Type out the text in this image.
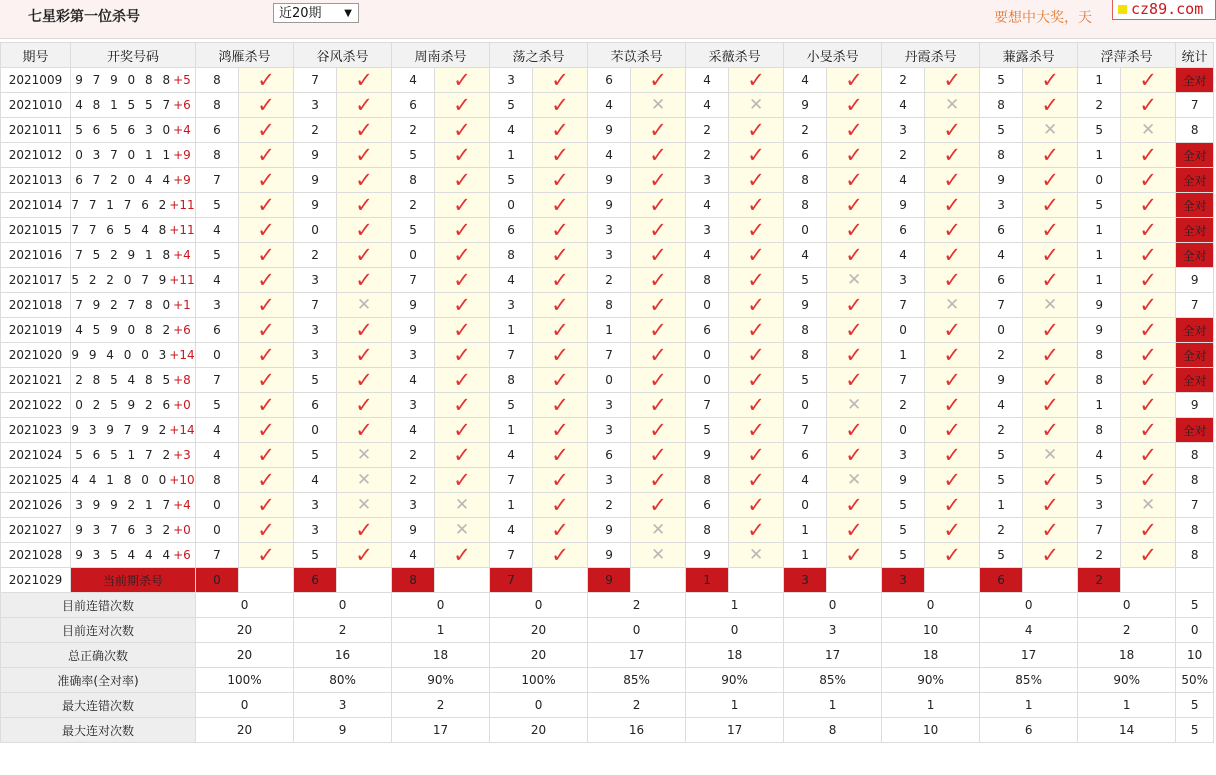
七星彩第一位杀号	近20期 ▼	要想中大奖，天	cz89.com
期号	开奖号码	鸿雁杀号		谷风杀号		周南杀号		荡之杀号		芣苡杀号		采薇杀号		小旻杀号		丹霞杀号		蒹露杀号		浮萍杀号		统计
2021009	9 7 9 0 8 8+5	8	✓	7	✓	4	✓	3	✓	6	✓	4	✓	4	✓	2	✓	5	✓	1	✓	全对
2021010	4 8 1 5 5 7+6	8	✓	3	✓	6	✓	5	✓	4	✕	4	✕	9	✓	4	✕	8	✓	2	✓	7
2021011	5 6 5 6 3 0+4	6	✓	2	✓	2	✓	4	✓	9	✓	2	✓	2	✓	3	✓	5	✕	5	✕	8
2021012	0 3 7 0 1 1+9	8	✓	9	✓	5	✓	1	✓	4	✓	2	✓	6	✓	2	✓	8	✓	1	✓	全对
2021013	6 7 2 0 4 4+9	7	✓	9	✓	8	✓	5	✓	9	✓	3	✓	8	✓	4	✓	9	✓	0	✓	全对
2021014	7 7 1 7 6 2+11	5	✓	9	✓	2	✓	0	✓	9	✓	4	✓	8	✓	9	✓	3	✓	5	✓	全对
2021015	7 7 6 5 4 8+11	4	✓	0	✓	5	✓	6	✓	3	✓	3	✓	0	✓	6	✓	6	✓	1	✓	全对
2021016	7 5 2 9 1 8+4	5	✓	2	✓	0	✓	8	✓	3	✓	4	✓	4	✓	4	✓	4	✓	1	✓	全对
2021017	5 2 2 0 7 9+11	4	✓	3	✓	7	✓	4	✓	2	✓	8	✓	5	✕	3	✓	6	✓	1	✓	9
2021018	7 9 2 7 8 0+1	3	✓	7	✕	9	✓	3	✓	8	✓	0	✓	9	✓	7	✕	7	✕	9	✓	7
2021019	4 5 9 0 8 2+6	6	✓	3	✓	9	✓	1	✓	1	✓	6	✓	8	✓	0	✓	0	✓	9	✓	全对
2021020	9 9 4 0 0 3+14	0	✓	3	✓	3	✓	7	✓	7	✓	0	✓	8	✓	1	✓	2	✓	8	✓	全对
2021021	2 8 5 4 8 5+8	7	✓	5	✓	4	✓	8	✓	0	✓	0	✓	5	✓	7	✓	9	✓	8	✓	全对
2021022	0 2 5 9 2 6+0	5	✓	6	✓	3	✓	5	✓	3	✓	7	✓	0	✕	2	✓	4	✓	1	✓	9
2021023	9 3 9 7 9 2+14	4	✓	0	✓	4	✓	1	✓	3	✓	5	✓	7	✓	0	✓	2	✓	8	✓	全对
2021024	5 6 5 1 7 2+3	4	✓	5	✕	2	✓	4	✓	6	✓	9	✓	6	✓	3	✓	5	✕	4	✓	8
2021025	4 4 1 8 0 0+10	8	✓	4	✕	2	✓	7	✓	3	✓	8	✓	4	✕	9	✓	5	✓	5	✓	8
2021026	3 9 9 2 1 7+4	0	✓	3	✕	3	✕	1	✓	2	✓	6	✓	0	✓	5	✓	1	✓	3	✕	7
2021027	9 3 7 6 3 2+0	0	✓	3	✓	9	✕	4	✓	9	✕	8	✓	1	✓	5	✓	2	✓	7	✓	8
2021028	9 3 5 4 4 4+6	7	✓	5	✓	4	✓	7	✓	9	✕	9	✕	1	✓	5	✓	5	✓	2	✓	8
2021029	当前期杀号	0		6		8		7		9		1		3		3		6		2		
目前连错次数		0		0		0		0		2		1		0		0		0		0		5
目前连对次数		20		2		1		20		0		0		3		10		4		2		0
总正确次数		20		16		18		20		17		18		17		18		17		18		10
准确率(全对率)		100%		80%		90%		100%		85%		90%		85%		90%		85%		90%		50%
最大连错次数		0		3		2		0		2		1		1		1		1		1		5
最大连对次数		20		9		17		20		16		17		8		10		6		14		5
